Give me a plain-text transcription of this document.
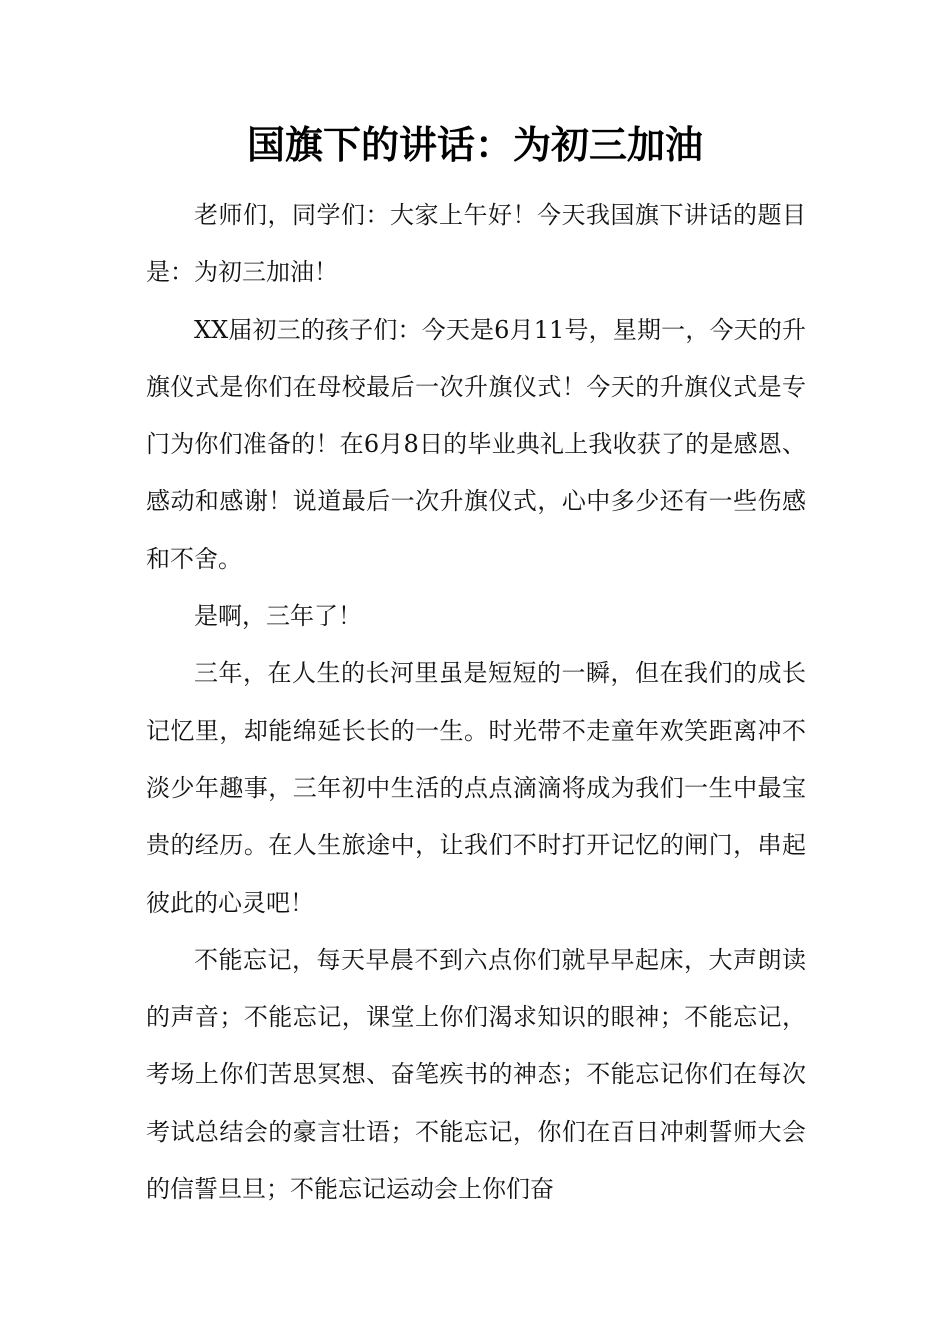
国旗下的讲话：为初三加油

老师们，同学们：大家上午好！今天我国旗下讲话的题目是：为初三加油！

XX届初三的孩子们：今天是6月11号，星期一，今天的升旗仪式是你们在母校最后一次升旗仪式！今天的升旗仪式是专门为你们准备的！在6月8日的毕业典礼上我收获了的是感恩、感动和感谢！说道最后一次升旗仪式，心中多少还有一些伤感和不舍。

是啊，三年了！

三年，在人生的长河里虽是短短的一瞬，但在我们的成长记忆里，却能绵延长长的一生。时光带不走童年欢笑距离冲不淡少年趣事，三年初中生活的点点滴滴将成为我们一生中最宝贵的经历。在人生旅途中，让我们不时打开记忆的闸门，串起彼此的心灵吧！

不能忘记，每天早晨不到六点你们就早早起床，大声朗读的声音；不能忘记，课堂上你们渴求知识的眼神；不能忘记，考场上你们苦思冥想、奋笔疾书的神态；不能忘记你们在每次考试总结会的豪言壮语；不能忘记，你们在百日冲刺誓师大会的信誓旦旦；不能忘记运动会上你们奋
